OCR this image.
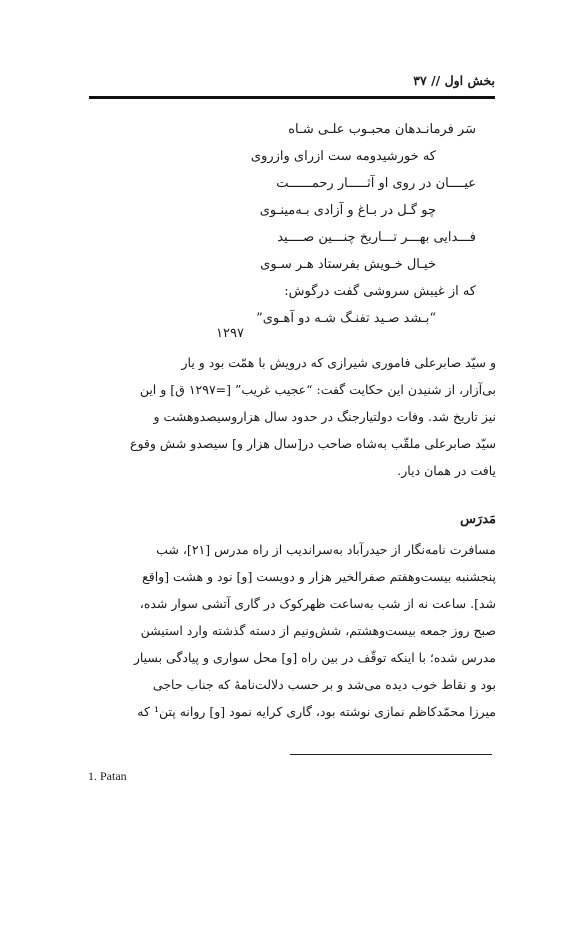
بخش اول // ۳۷
سَر فرمانـدهان محبـوب علـی شـاه
که خورشیدو‌مه ست ازرای وازروی
عیــــان در روی او آثـــــار رحمــــــت
چو گـل در بـاغ و آزادی بـه‌مینـوی
فـــدایی بهـــر تـــاریخ چنـــین صــــید
خیـال خـویش بفرستاد هـر سـوی
که از غیبش سروشی گفت درگوش:
“بـشد صـید تفنـگ شـه دو آهـوی”
۱۲۹۷
و سیّد صابرعلی فاموری شیرازی که درویش با همّت بود و یار
بی‌آزار، از شنیدن این حکایت گفت: “عجیب غریب” [=۱۲۹۷ ق] و این
نیز تاریخ شد. وفات دولتیارجنگ در حدود سال هزاروسیصدوهشت و
سیّد صابرعلی ملقّب به‌شاه صاحب در[سال هزار و] سیصدو شش وقوع
یافت در همان دیار.
مَدرَس
مسافرت نامه‌نگار از حیدرآباد به‌سراندیب از راه مدرس [۲۱]، شب
پنجشنبه بیست‌وهفتم صفرالخیر هزار و دویست [و] نود و هشت [واقع
شد]. ساعت نه از شب به‌ساعت ظهرکوک در گاری آتشی سوار شده،
صبح روز جمعه بیست‌وهشتم، شش‌ونیم از دسته گذشته وارد استیشن
مدرس شده؛ با اینکه توقّف در بین راه [و] محل سواری و پیادگی بسیار
بود و نقاط خوب دیده می‌شد و بر حسب دلالت‌نامهٔ که جناب حاجی
میرزا محمّدکاظم نمازی نوشته بود، گاری کرایه نمود [و] روانه پتن¹ که
1. Patan
